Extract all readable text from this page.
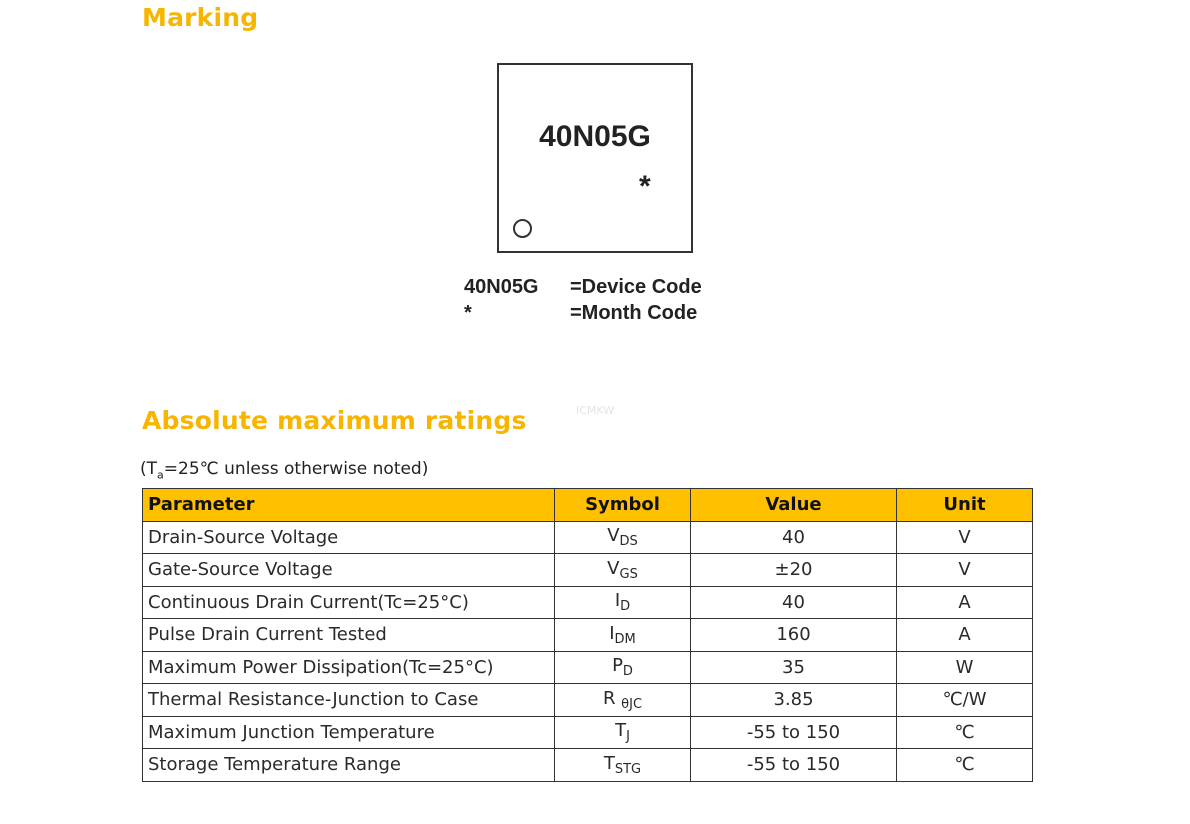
Marking
40N05G
*
40N05G =Device Code
*	=Month Code
Absolute maximum ratings	ICMKW
($T_a=25℃$ unless otherwise noted)
Parameter	Symbol	Value	Unit
Drain-Source Voltage	$V_{DS}$	40	V
Gate-Source Voltage	$V_{GS}$	±20	V
Continuous Drain Current(Tc=25°C)	$I_D$	40	A
Pulse Drain Current Tested	$I_{DM}$	160	A
Maximum Power Dissipation(Tc=25°C)	$P_D$	35	W
Thermal Resistance-Junction to Case	R $_{\theta JC}$	3.85	℃/W
Maximum Junction Temperature	$T_J$	-55 to 150	℃
Storage Temperature Range	$T_{STG}$	-55 to 150	℃
